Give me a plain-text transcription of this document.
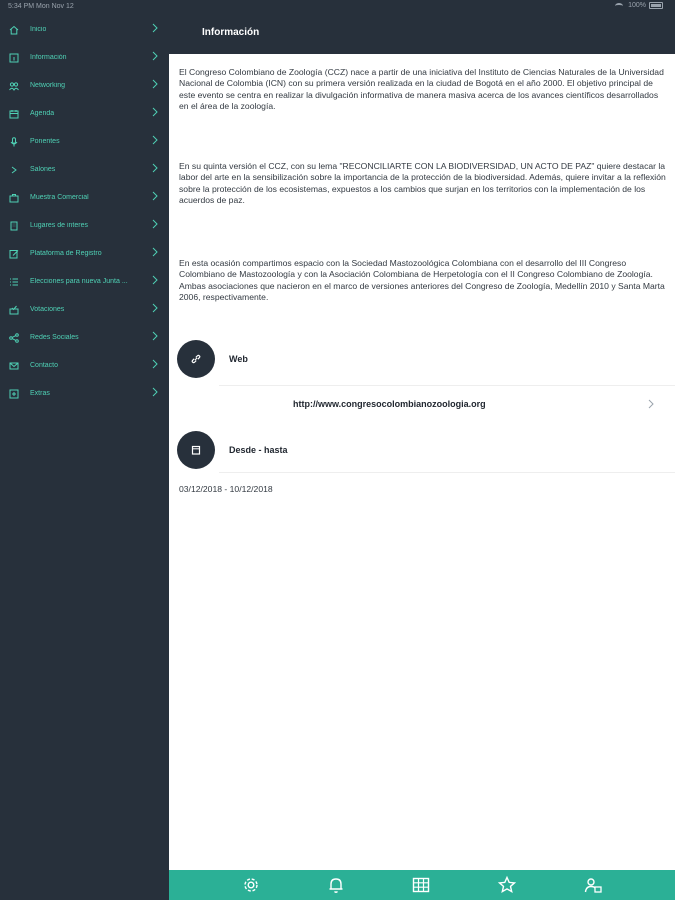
5:34 PM Mon Nov 12	100%
Inicio
Información
Networking
Agenda
Ponentes
Salones
Muestra Comercial
Lugares de interes
Plataforma de Registro
Elecciones para nueva Junta ...
Votaciones
Redes Sociales
Contacto
Extras
Información

El Congreso Colombiano de Zoología (CCZ) nace a partir de una iniciativa del Instituto de Ciencias Naturales de la Universidad Nacional de Colombia (ICN) con su primera versión realizada en la ciudad de Bogotá en el año 2000. El objetivo principal de este evento se centra en realizar la divulgación informativa de manera masiva acerca de los avances científicos desarrollados en el área de la zoología.

En su quinta versión el CCZ, con su lema "RECONCILIARTE CON LA BIODIVERSIDAD, UN ACTO DE PAZ" quiere destacar la labor del arte en la sensibilización sobre la importancia de la protección de la biodiversidad. Además, quiere invitar a la reflexión sobre la protección de los ecosistemas, expuestos a los cambios que surjan en los territorios con la implementación de los acuerdos de paz.

En esta ocasión compartimos espacio con la Sociedad Mastozoológica Colombiana con el desarrollo del III Congreso Colombiano de Mastozoología y con la Asociación Colombiana de Herpetología con el II Congreso Colombiano de Zoología. Ambas asociaciones que nacieron en el marco de versiones anteriores del Congreso de Zoología, Medellín 2010 y Santa Marta 2006, respectivamente.

Web
http://www.congresocolombianozoologia.org
Desde - hasta
03/12/2018 - 10/12/2018
